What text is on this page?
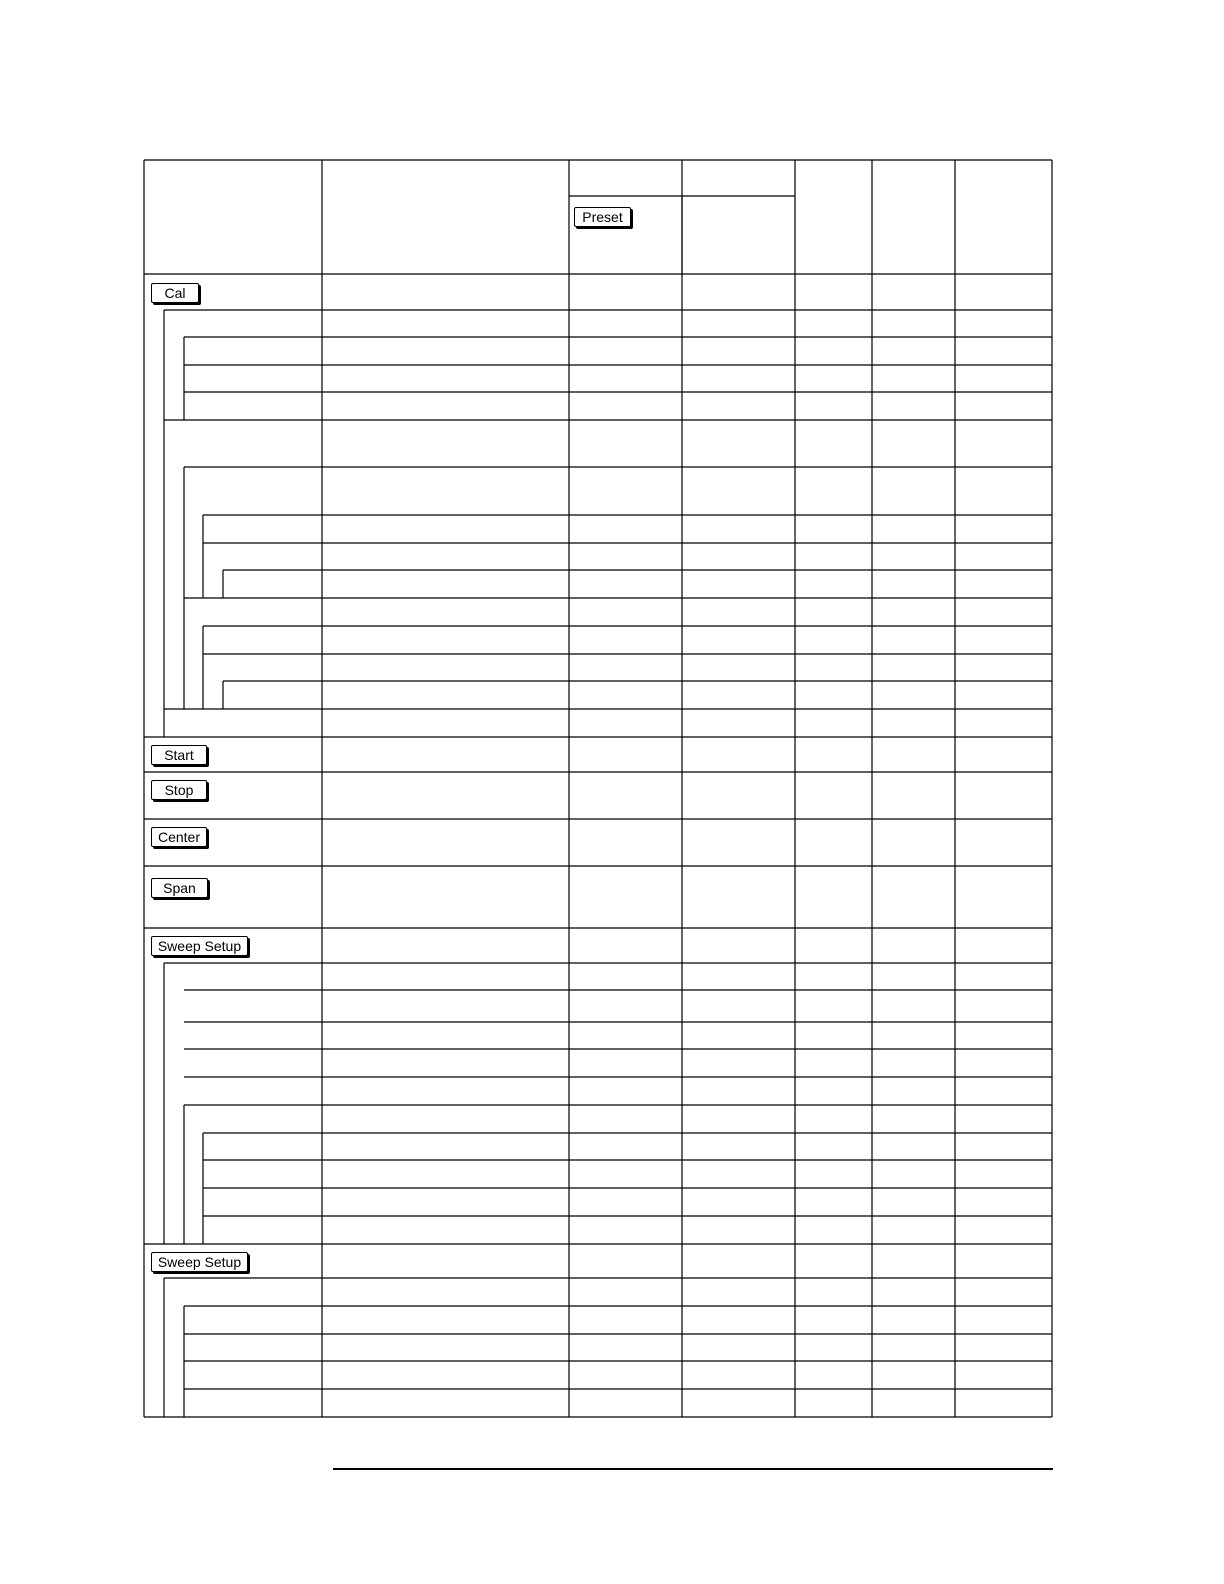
Preset
Cal
Start
Stop
Center
Span
Sweep Setup
Sweep Setup
